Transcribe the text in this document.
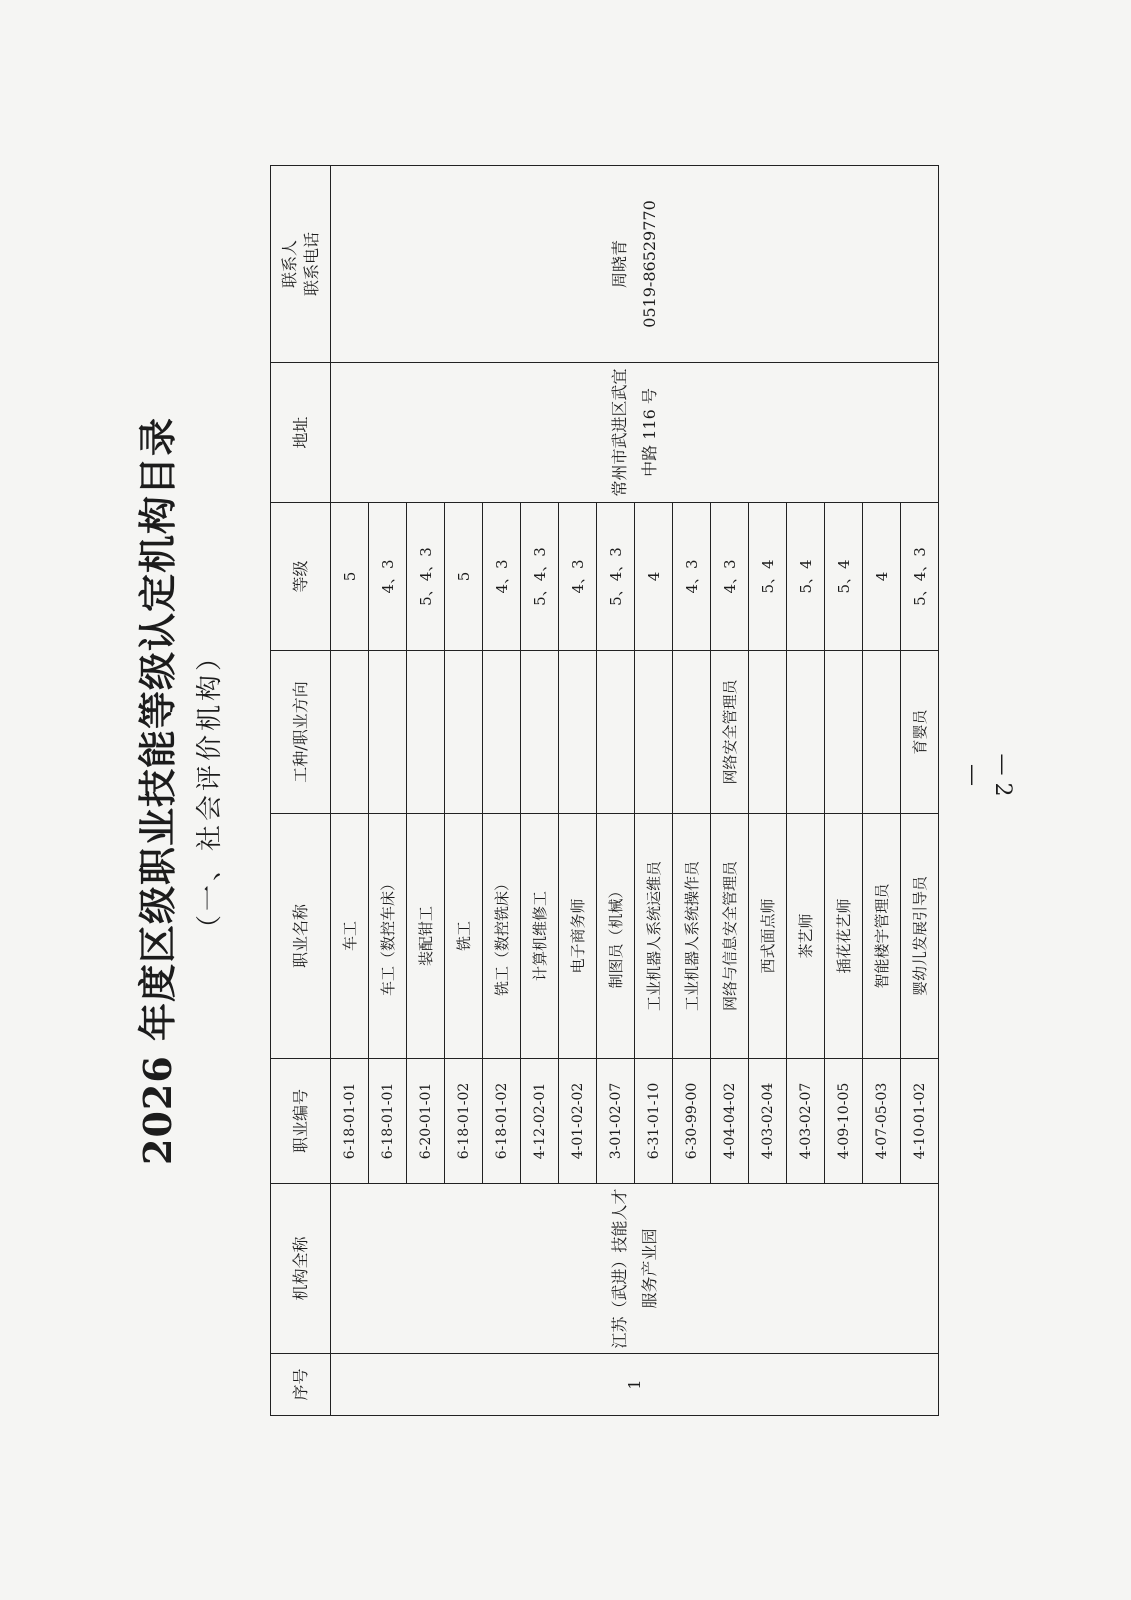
2026 年度区级职业技能等级认定机构目录 （一、社会评价机构）
序号	机构全称	职业编号	职业名称	工种/职业方向	等级	地址	联系人 联系电话
1	江苏（武进）技能人才服务产业园	6-18-01-01	车工		5	常州市武进区武宜中路 116 号	周晓青 0519-86529770

		6-18-01-01	车工（数控车床）		4、3		
		6-20-01-01	装配钳工		5、4、3		
		6-18-01-02	铣工		5		
		6-18-01-02	铣工（数控铣床）		4、3		
		4-12-02-01	计算机维修工		5、4、3		
		4-01-02-02	电子商务师		4、3		
		3-01-02-07	制图员（机械）		5、4、3		
		6-31-01-10	工业机器人系统运维员		4		
		6-30-99-00	工业机器人系统操作员		4、3		
		4-04-04-02	网络与信息安全管理员	网络安全管理员	4、3		
		4-03-02-04	西式面点师		5、4		
		4-03-02-07	茶艺师		5、4		
		4-09-10-05	插花花艺师		5、4		
		4-07-05-03	智能楼宇管理员		4		
		4-10-01-02	婴幼儿发展引导员	育婴员	5、4、3		
— 2 —
